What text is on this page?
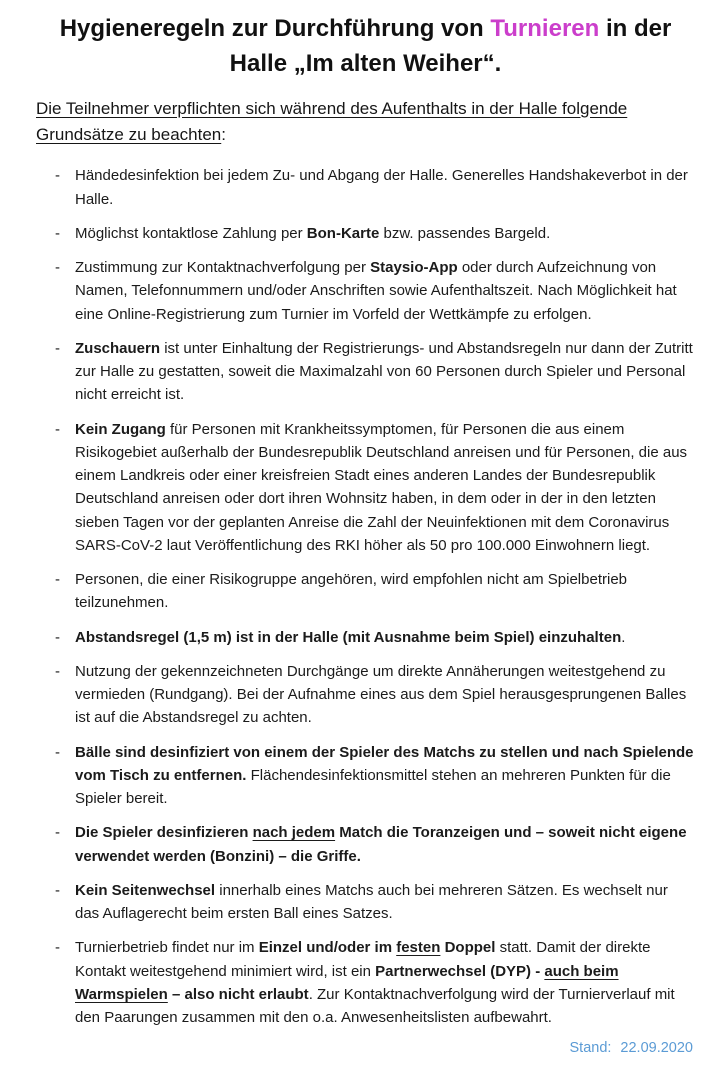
Hygieneregeln zur Durchführung von Turnieren in der Halle „Im alten Weiher“.

Die Teilnehmer verpflichten sich während des Aufenthalts in der Halle folgende Grundsätze zu beachten:

- Händedesinfektion bei jedem Zu- und Abgang der Halle. Generelles Handshakeverbot in der Halle.
- Möglichst kontaktlose Zahlung per Bon-Karte bzw. passendes Bargeld.
- Zustimmung zur Kontaktnachverfolgung per Staysio-App oder durch Aufzeichnung von Namen, Telefonnummern und/oder Anschriften sowie Aufenthaltszeit. Nach Möglichkeit hat eine Online-Registrierung zum Turnier im Vorfeld der Wettkämpfe zu erfolgen.
- Zuschauern ist unter Einhaltung der Registrierungs- und Abstandsregeln nur dann der Zutritt zur Halle zu gestatten, soweit die Maximalzahl von 60 Personen durch Spieler und Personal nicht erreicht ist.
- Kein Zugang für Personen mit Krankheitssymptomen, für Personen die aus einem Risikogebiet außerhalb der Bundesrepublik Deutschland anreisen und für Personen, die aus einem Landkreis oder einer kreisfreien Stadt eines anderen Landes der Bundesrepublik Deutschland anreisen oder dort ihren Wohnsitz haben, in dem oder in der in den letzten sieben Tagen vor der geplanten Anreise die Zahl der Neuinfektionen mit dem Coronavirus SARS-CoV-2 laut Veröffentlichung des RKI höher als 50 pro 100.000 Einwohnern liegt.
- Personen, die einer Risikogruppe angehören, wird empfohlen nicht am Spielbetrieb teilzunehmen.
- Abstandsregel (1,5 m) ist in der Halle (mit Ausnahme beim Spiel) einzuhalten.
- Nutzung der gekennzeichneten Durchgänge um direkte Annäherungen weitestgehend zu vermieden (Rundgang). Bei der Aufnahme eines aus dem Spiel herausgesprungenen Balles ist auf die Abstandsregel zu achten.
- Bälle sind desinfiziert von einem der Spieler des Matchs zu stellen und nach Spielende vom Tisch zu entfernen. Flächendesinfektionsmittel stehen an mehreren Punkten für die Spieler bereit.
- Die Spieler desinfizieren nach jedem Match die Toranzeigen und – soweit nicht eigene verwendet werden (Bonzini) – die Griffe.
- Kein Seitenwechsel innerhalb eines Matchs auch bei mehreren Sätzen. Es wechselt nur das Auflagerecht beim ersten Ball eines Satzes.
- Turnierbetrieb findet nur im Einzel und/oder im festen Doppel statt. Damit der direkte Kontakt weitestgehend minimiert wird, ist ein Partnerwechsel (DYP) - auch beim Warmspielen – also nicht erlaubt. Zur Kontaktnachverfolgung wird der Turnierverlauf mit den Paarungen zusammen mit den o.a. Anwesenheitslisten aufbewahrt.
Stand: 22.09.2020
